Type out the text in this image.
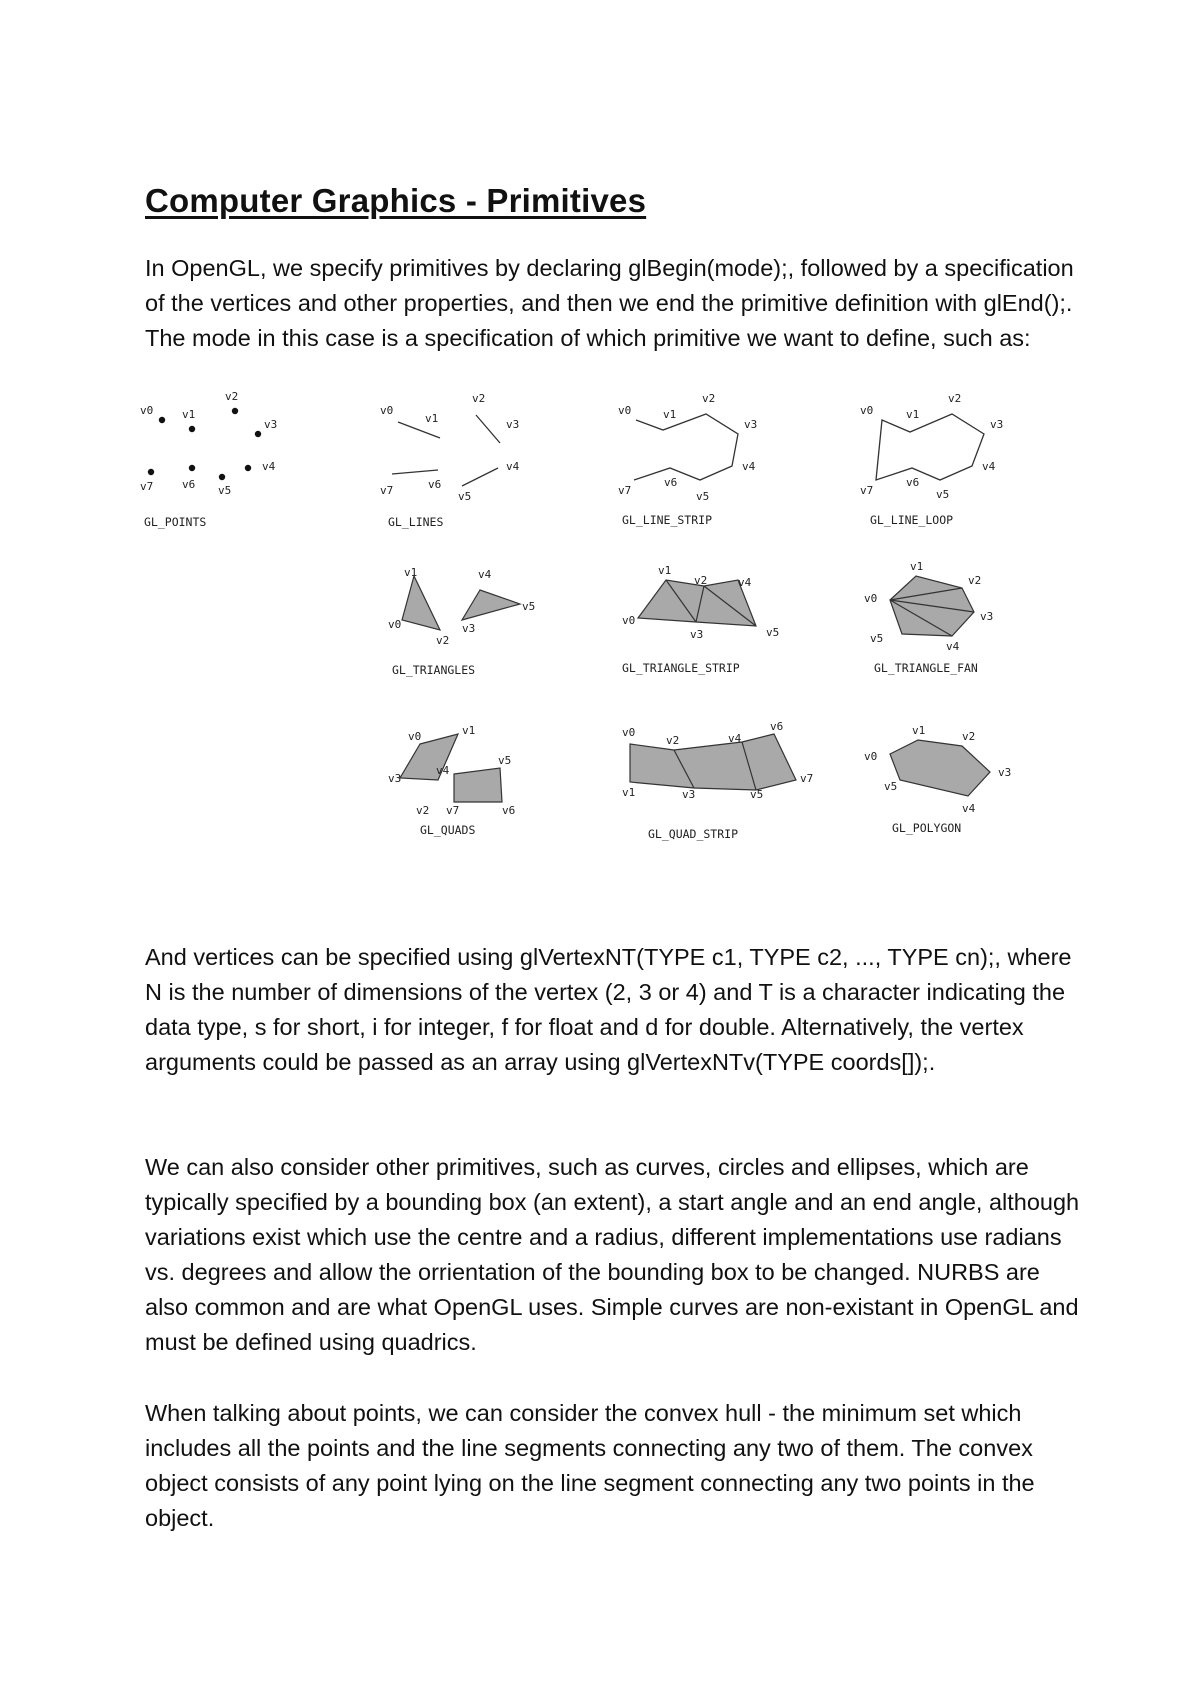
Computer Graphics - Primitives

In OpenGL, we specify primitives by declaring glBegin(mode);, followed by a specification of the vertices and other properties, and then we end the primitive definition with glEnd();. The mode in this case is a specification of which primitive we want to define, such as:

v0	v1
v2
v3
v4
v5
v6
v7
GL_POINTS
v0
v1
v2
v3
v4
v5
v6
v7
GL_LINES
v0	v1
v2
v3
v4
v5
v6
v7
GL_LINE_STRIP
v0	v1
v2
v3
v4
v5
v6
v7
GL_LINE_LOOP
v1
v0
v2
v3
v4
v5
GL_TRIANGLES
v1
v0
v2	v4
v3	v5
GL_TRIANGLE_STRIP
v1
v2
v0
v3
v4
v5
GL_TRIANGLE_FAN
v0	v1
v3
v4
v5
v2 v7	v6
GL_QUADS
v0
v2	v4
v6
v1	v3	v5
v7
GL_QUAD_STRIP
v1	v2
v0
v3
v4
v5
GL_POLYGON

And vertices can be specified using glVertexNT(TYPE c1, TYPE c2, ..., TYPE cn);, where N is the number of dimensions of the vertex (2, 3 or 4) and T is a character indicating the data type, s for short, i for integer, f for float and d for double. Alternatively, the vertex arguments could be passed as an array using glVertexNTv(TYPE coords[]);.

We can also consider other primitives, such as curves, circles and ellipses, which are typically specified by a bounding box (an extent), a start angle and an end angle, although variations exist which use the centre and a radius, different implementations use radians vs. degrees and allow the orrientation of the bounding box to be changed. NURBS are also common and are what OpenGL uses. Simple curves are non-existant in OpenGL and must be defined using quadrics.

When talking about points, we can consider the convex hull - the minimum set which includes all the points and the line segments connecting any two of them. The convex object consists of any point lying on the line segment connecting any two points in the object.
